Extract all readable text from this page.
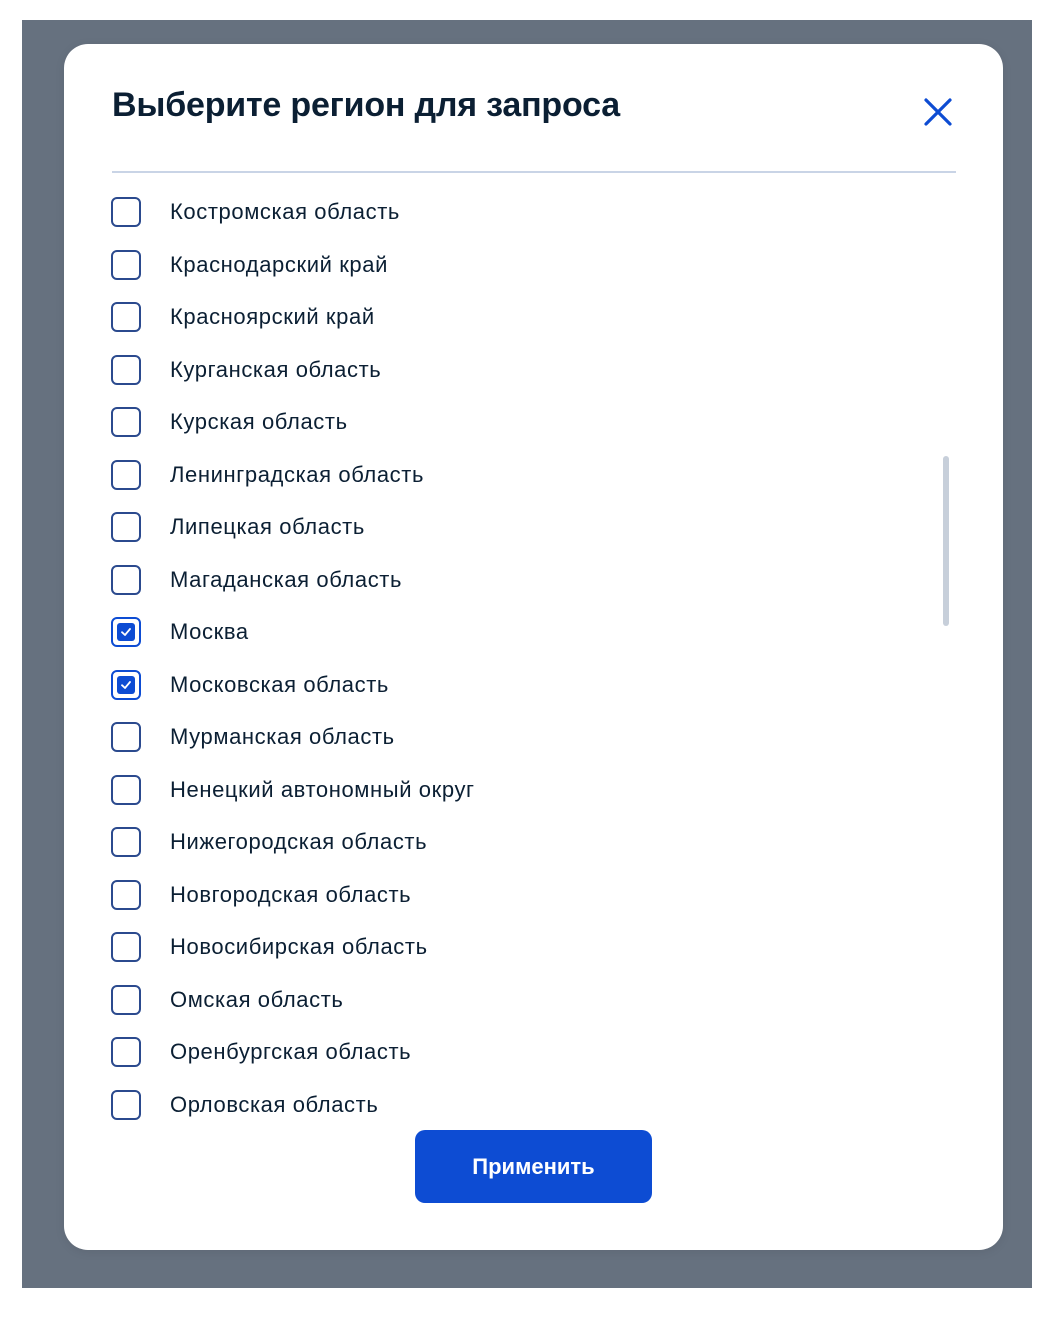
Выберите регион для запроса
Костромская область
Краснодарский край
Красноярский край
Курганская область
Курская область
Ленинградская область
Липецкая область
Магаданская область
Москва
Московская область
Мурманская область
Ненецкий автономный округ
Нижегородская область
Новгородская область
Новосибирская область
Омская область
Оренбургская область
Орловская область
Применить
